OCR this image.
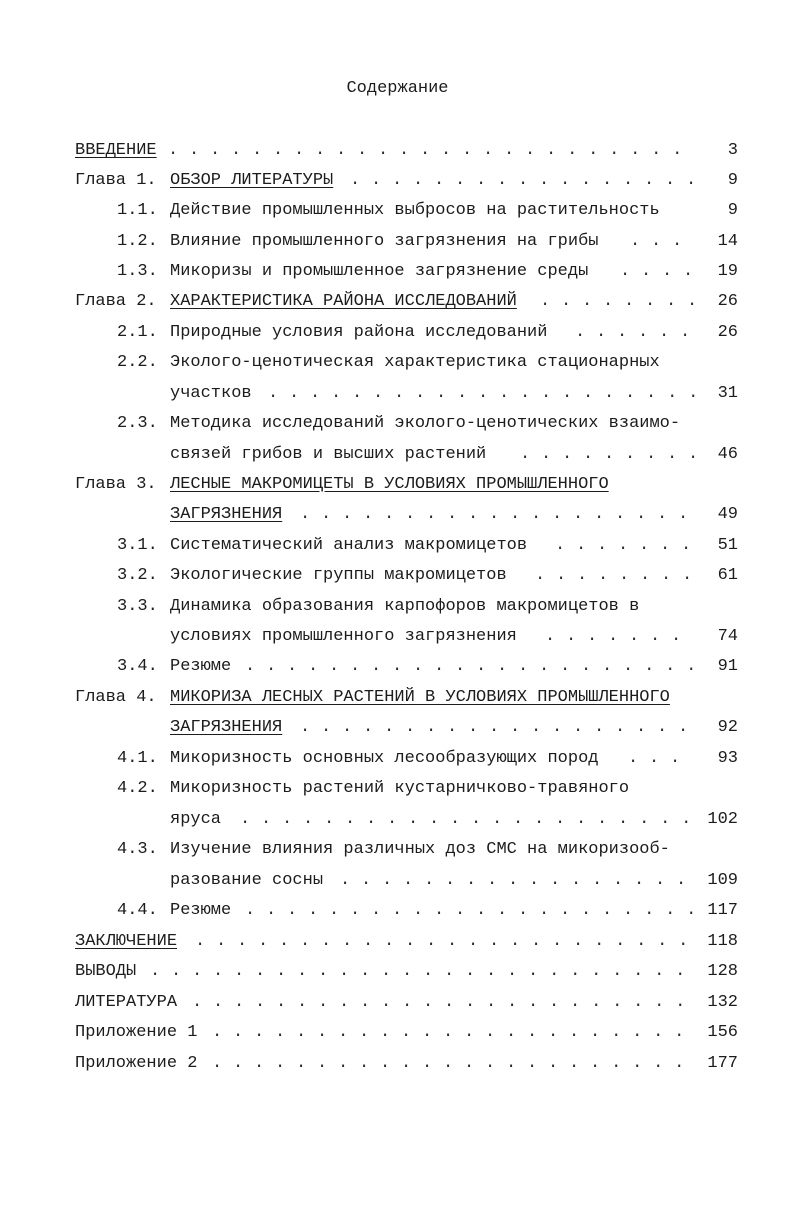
Содержание
ВВЕДЕНИЕ . . .	3
Глава 1. ОБЗОР ЛИТЕРАТУРЫ . . .	9
1.1. Действие промышленных выбросов на растительность	9
1.2. Влияние промышленного загрязнения на грибы . . .	14
1.3. Микоризы и промышленное загрязнение среды . . .	19
Глава 2. ХАРАКТЕРИСТИКА РАЙОНА ИССЛЕДОВАНИЙ . . .	26
2.1. Природные условия района исследований . . .	26
2.2. Эколого-ценотическая характеристика стационарных
участков . . .	31
2.3. Методика исследований эколого-ценотических взаимо-
связей грибов и высших растений . . .	46
Глава 3. ЛЕСНЫЕ МАКРОМИЦЕТЫ В УСЛОВИЯХ ПРОМЫШЛЕННОГО
ЗАГРЯЗНЕНИЯ . . .	49
3.1. Систематический анализ макромицетов . . .	51
3.2. Экологические группы макромицетов . . .	61
3.3. Динамика образования карпофоров макромицетов в
условиях промышленного загрязнения . . .	74
3.4. Резюме . . .	91
Глава 4. МИКОРИЗА ЛЕСНЫХ РАСТЕНИЙ В УСЛОВИЯХ ПРОМЫШЛЕННОГО
ЗАГРЯЗНЕНИЯ . . .	92
4.1. Микоризность основных лесообразующих пород . . .	93
4.2. Микоризность растений кустарничково-травяного
яруса . . .	102
4.3. Изучение влияния различных доз СМС на микоризооб-
разование сосны . . .	109
4.4. Резюме . . .	117
ЗАКЛЮЧЕНИЕ . . .	118
ВЫВОДЫ . . .	128
ЛИТЕРАТУРА . . .	132
Приложение 1 . . .	156
Приложение 2 . . .	177
